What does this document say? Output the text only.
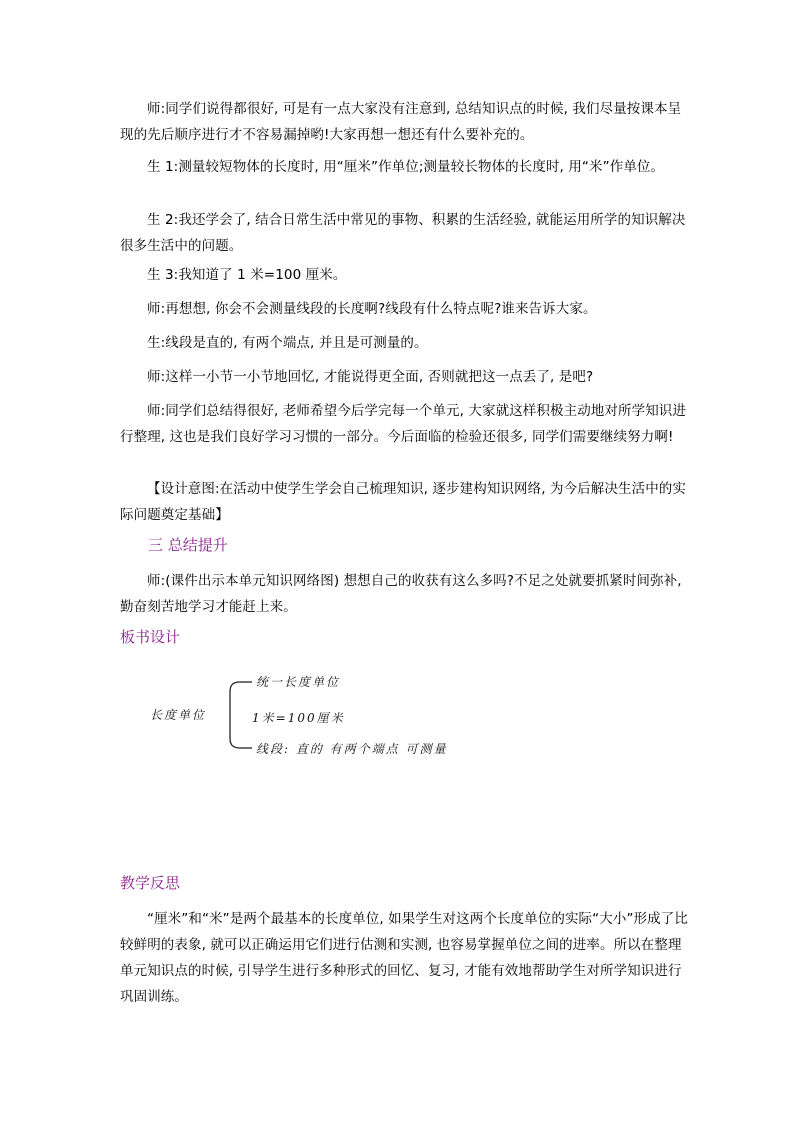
师:同学们说得都很好, 可是有一点大家没有注意到, 总结知识点的时候, 我们尽量按课本呈现的先后顺序进行才不容易漏掉哟!大家再想一想还有什么要补充的。

生 1:测量较短物体的长度时, 用“厘米”作单位;测量较长物体的长度时, 用“米”作单位。

生 2:我还学会了, 结合日常生活中常见的事物、积累的生活经验, 就能运用所学的知识解决很多生活中的问题。

生 3:我知道了 1 米=100 厘米。

师:再想想, 你会不会测量线段的长度啊?线段有什么特点呢?谁来告诉大家。

生:线段是直的, 有两个端点, 并且是可测量的。

师:这样一小节一小节地回忆, 才能说得更全面, 否则就把这一点丢了, 是吧?

师:同学们总结得很好, 老师希望今后学完每一个单元, 大家就这样积极主动地对所学知识进行整理, 这也是我们良好学习习惯的一部分。今后面临的检验还很多, 同学们需要继续努力啊!

【设计意图:在活动中使学生学会自己梳理知识, 逐步建构知识网络, 为今后解决生活中的实际问题奠定基础】

三 总结提升

师:(课件出示本单元知识网络图) 想想自己的收获有这么多吗?不足之处就要抓紧时间弥补, 勤奋刻苦地学习才能赶上来。

板书设计

长度单位
统一长度单位
1米=100厘米
线段: 直的 有两个端点 可测量

教学反思

“厘米”和“米”是两个最基本的长度单位, 如果学生对这两个长度单位的实际“大小”形成了比较鲜明的表象, 就可以正确运用它们进行估测和实测, 也容易掌握单位之间的进率。所以在整理单元知识点的时候, 引导学生进行多种形式的回忆、复习, 才能有效地帮助学生对所学知识进行巩固训练。
